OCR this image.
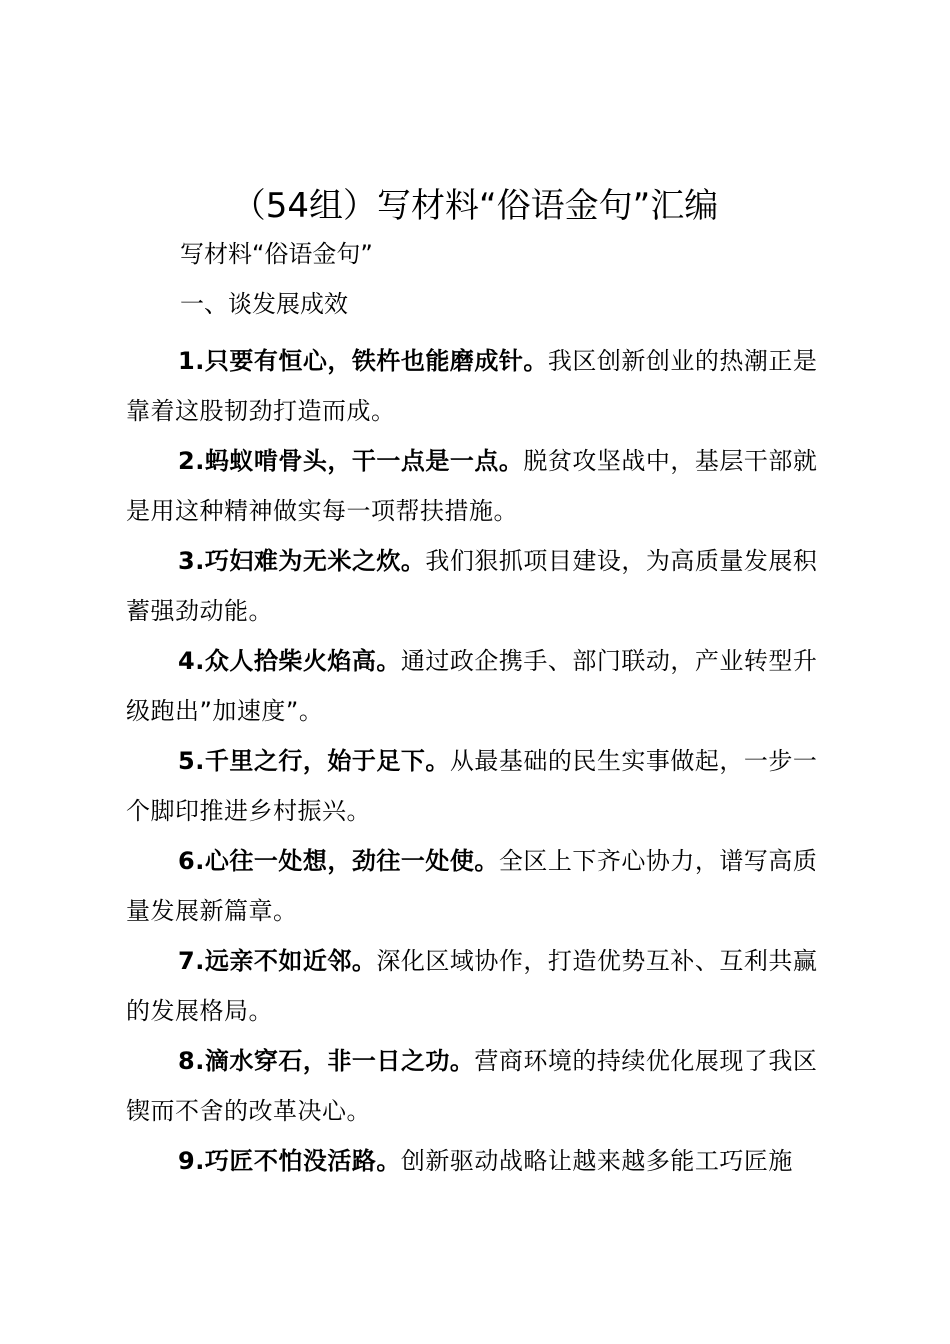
（54组）写材料“俗语金句”汇编

写材料“俗语金句”

一、谈发展成效

1.只要有恒心，铁杵也能磨成针。我区创新创业的热潮正是靠着这股韧劲打造而成。

2.蚂蚁啃骨头，干一点是一点。脱贫攻坚战中，基层干部就是用这种精神做实每一项帮扶措施。

3.巧妇难为无米之炊。我们狠抓项目建设，为高质量发展积蓄强劲动能。

4.众人拾柴火焰高。通过政企携手、部门联动，产业转型升级跑出”加速度”。

5.千里之行，始于足下。从最基础的民生实事做起，一步一个脚印推进乡村振兴。

6.心往一处想，劲往一处使。全区上下齐心协力，谱写高质量发展新篇章。

7.远亲不如近邻。深化区域协作，打造优势互补、互利共赢的发展格局。

8.滴水穿石，非一日之功。营商环境的持续优化展现了我区锲而不舍的改革决心。

9.巧匠不怕没活路。创新驱动战略让越来越多能工巧匠施
